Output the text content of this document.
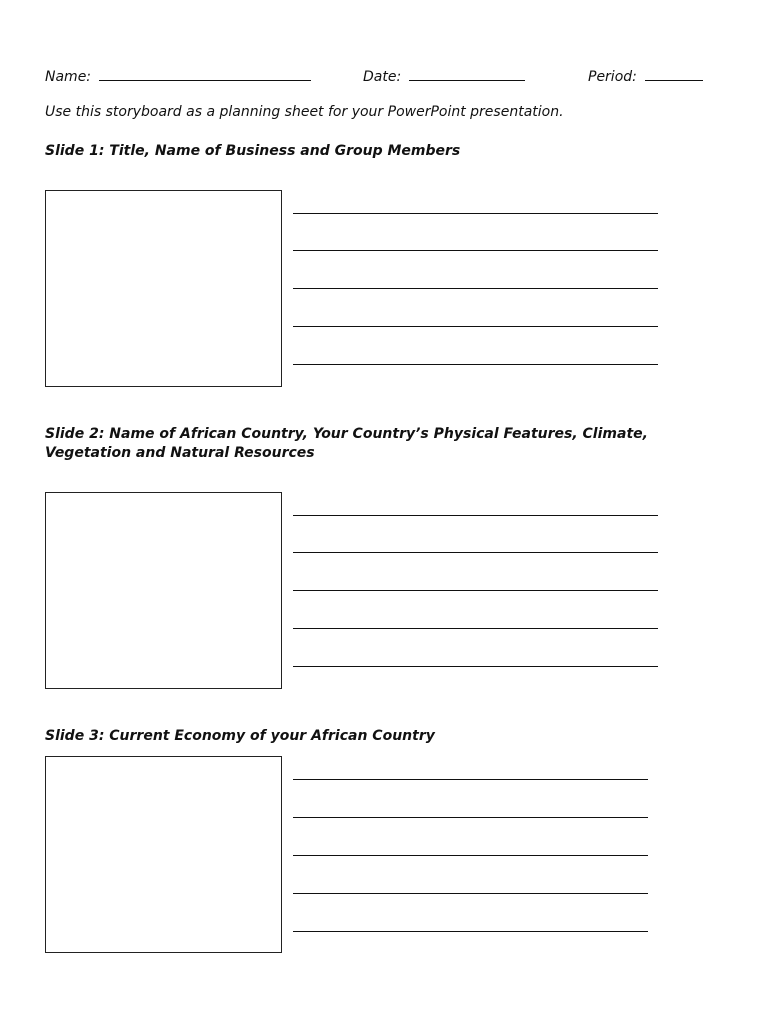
Name:	Date:	Period:
Use this storyboard as a planning sheet for your PowerPoint presentation.
Slide 1: Title, Name of Business and Group Members
Slide 2: Name of African Country, Your Country’s Physical Features, Climate, Vegetation and Natural Resources
Slide 3: Current Economy of your African Country
